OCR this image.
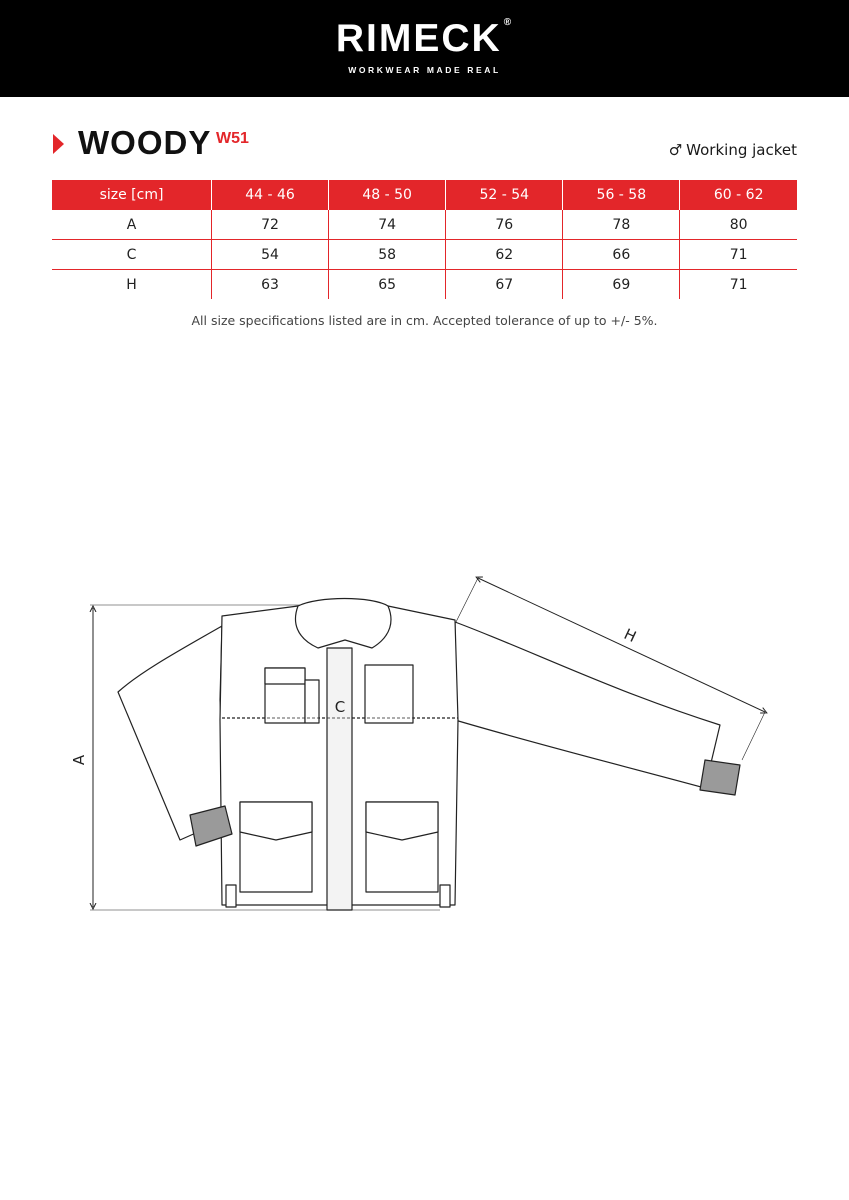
RIMECK ®
WORKWEAR MADE REAL
WOODY W51
♂ Working jacket
size [cm]	44 - 46	48 - 50	52 - 54	56 - 58	60 - 62
A	72	74	76	78	80
C	54	58	62	66	71
H	63	65	67	69	71
All size specifications listed are in cm. Accepted tolerance of up to +/- 5%.
A
C
H
